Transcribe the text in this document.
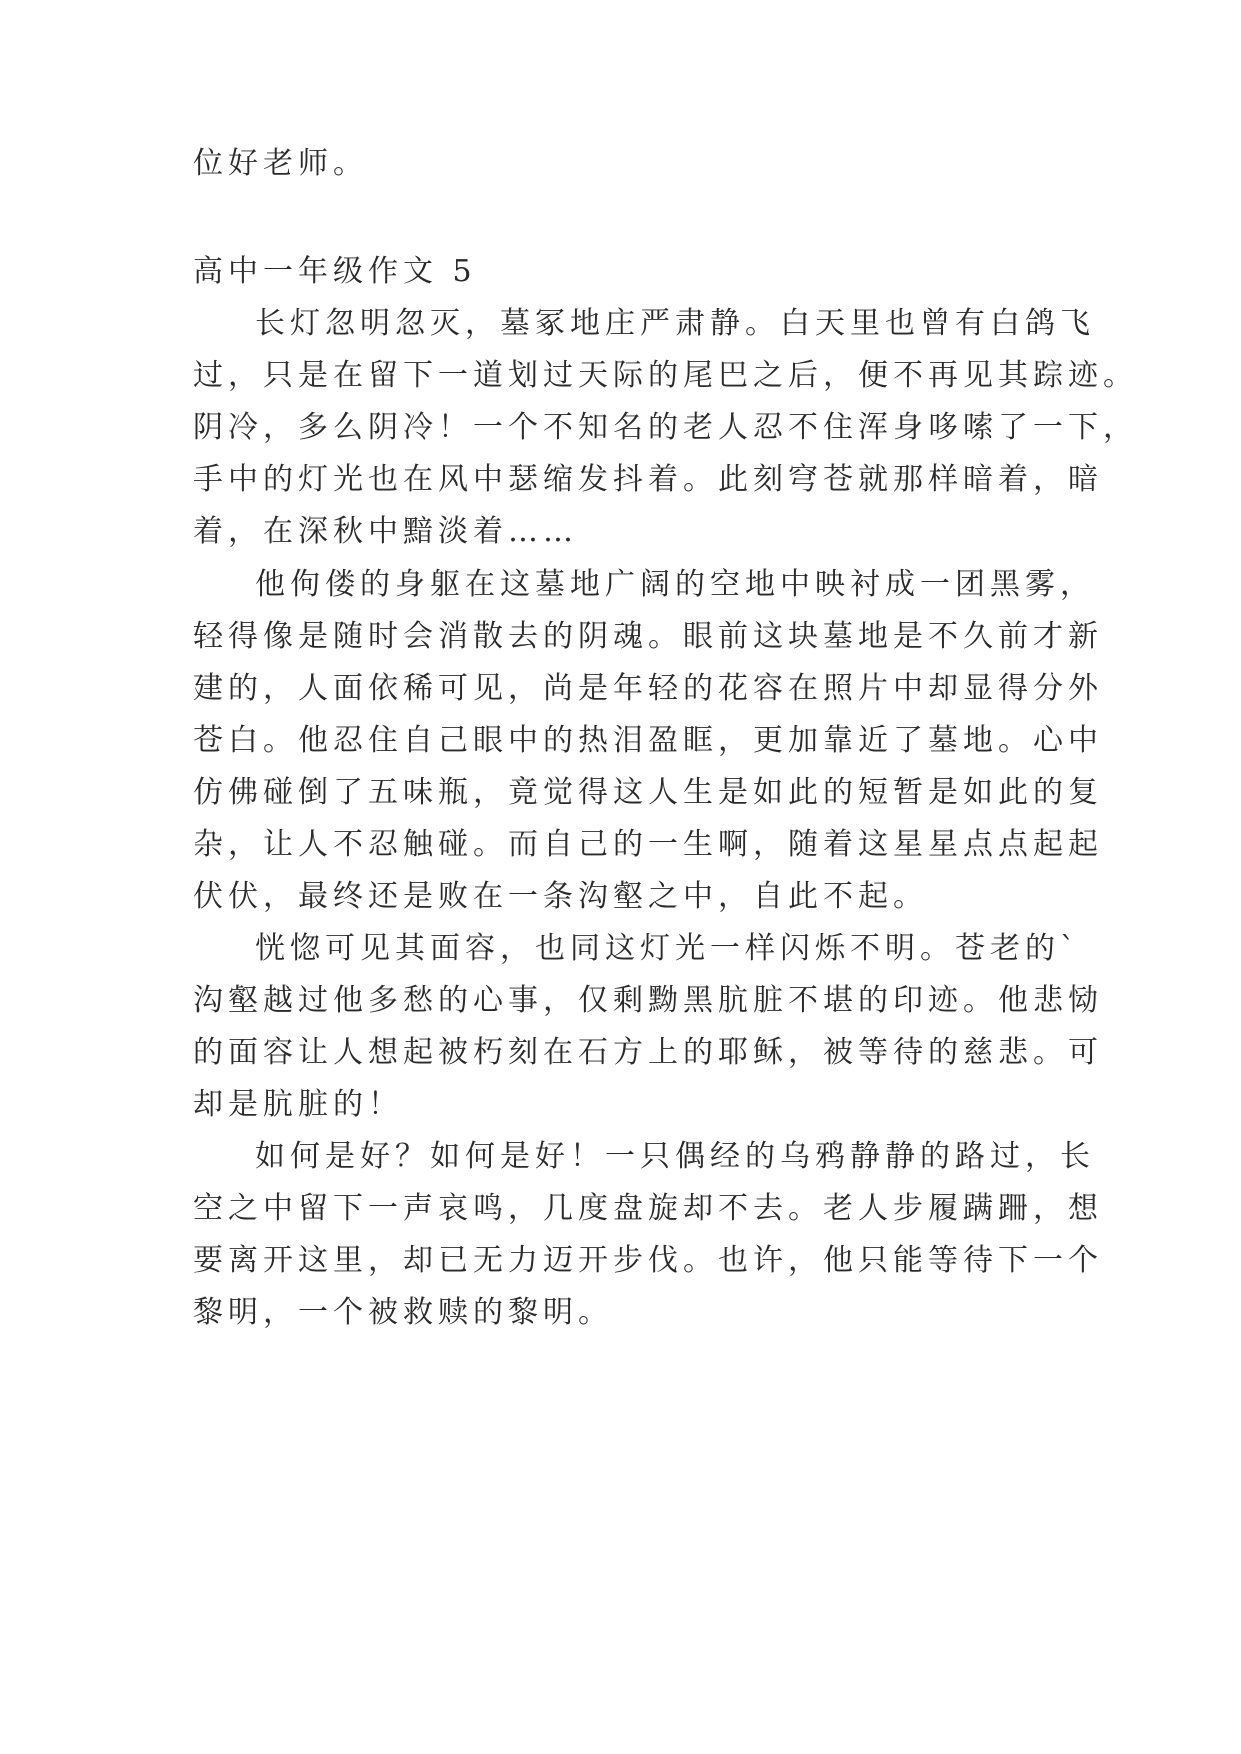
位好老师。
高中一年级作文 5
长灯忽明忽灭，墓冢地庄严肃静。白天里也曾有白鸽飞
过，只是在留下一道划过天际的尾巴之后，便不再见其踪迹。
阴冷，多么阴冷！一个不知名的老人忍不住浑身哆嗦了一下，
手中的灯光也在风中瑟缩发抖着。此刻穹苍就那样暗着，暗
着，在深秋中黯淡着……
他佝偻的身躯在这墓地广阔的空地中映衬成一团黑雾，
轻得像是随时会消散去的阴魂。眼前这块墓地是不久前才新
建的，人面依稀可见，尚是年轻的花容在照片中却显得分外
苍白。他忍住自己眼中的热泪盈眶，更加靠近了墓地。心中
仿佛碰倒了五味瓶，竟觉得这人生是如此的短暂是如此的复
杂，让人不忍触碰。而自己的一生啊，随着这星星点点起起
伏伏，最终还是败在一条沟壑之中，自此不起。
恍惚可见其面容，也同这灯光一样闪烁不明。苍老的`
沟壑越过他多愁的心事，仅剩黝黑肮脏不堪的印迹。他悲恸
的面容让人想起被朽刻在石方上的耶稣，被等待的慈悲。可
却是肮脏的！
如何是好？如何是好！一只偶经的乌鸦静静的路过，长
空之中留下一声哀鸣，几度盘旋却不去。老人步履蹒跚，想
要离开这里，却已无力迈开步伐。也许，他只能等待下一个
黎明，一个被救赎的黎明。
